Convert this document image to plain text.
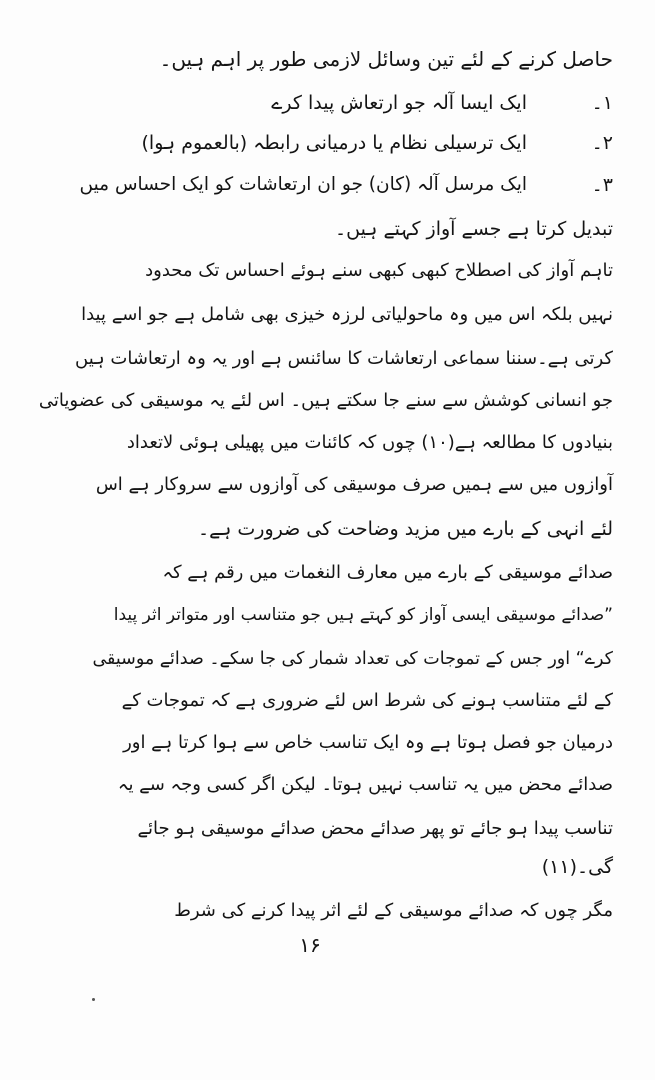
حاصل کرنے کے لئے تین وسائل لازمی طور پر اہم ہیں۔
۱۔
ایک ایسا آلہ جو ارتعاش پیدا کرے
۲۔
ایک ترسیلی نظام یا درمیانی رابطہ (بالعموم ہوا)
۳۔
ایک مرسل آلہ (کان) جو ان ارتعاشات کو ایک احساس میں
تبدیل کرتا ہے جسے آواز کہتے ہیں۔
تاہم آواز کی اصطلاح کبھی کبھی سنے ہوئے احساس تک محدود
نہیں بلکہ اس میں وہ ماحولیاتی لرزہ خیزی بھی شامل ہے جو اسے پیدا
کرتی ہے۔سننا سماعی ارتعاشات کا سائنس ہے اور یہ وہ ارتعاشات ہیں
جو انسانی کوشش سے سنے جا سکتے ہیں۔ اس لئے یہ موسیقی کی عضویاتی
بنیادوں کا مطالعہ ہے(۱۰) چوں کہ کائنات میں پھیلی ہوئی لاتعداد
آوازوں میں سے ہمیں صرف موسیقی کی آوازوں سے سروکار ہے اس
لئے انہی کے بارے میں مزید وضاحت کی ضرورت ہے۔
صدائے موسیقی کے بارے میں معارف النغمات میں رقم ہے کہ
”صدائے موسیقی ایسی آواز کو کہتے ہیں جو متناسب اور متواتر اثر پیدا
کرے“ اور جس کے تموجات کی تعداد شمار کی جا سکے۔ صدائے موسیقی
کے لئے متناسب ہونے کی شرط اس لئے ضروری ہے کہ تموجات کے
درمیان جو فصل ہوتا ہے وہ ایک تناسب خاص سے ہوا کرتا ہے اور
صدائے محض میں یہ تناسب نہیں ہوتا۔ لیکن اگر کسی وجہ سے یہ
تناسب پیدا ہو جائے تو پھر صدائے محض صدائے موسیقی ہو جائے
گی۔(۱۱)
مگر چوں کہ صدائے موسیقی کے لئے اثر پیدا کرنے کی شرط
۱۶
